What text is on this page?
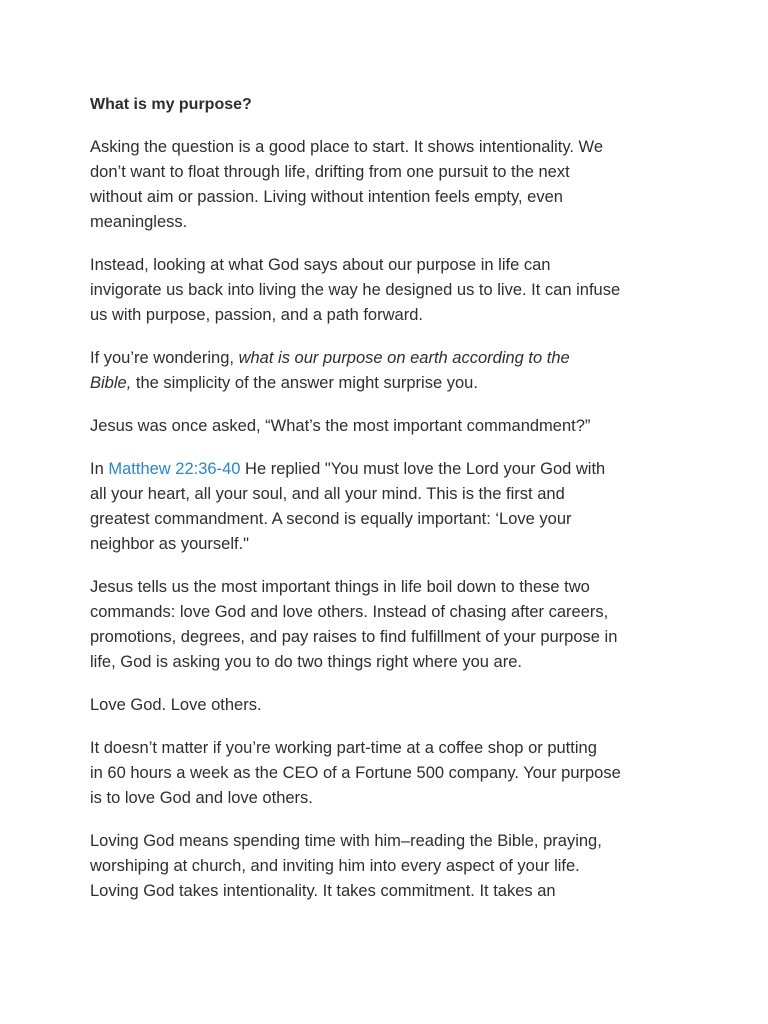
What is my purpose?
Asking the question is a good place to start. It shows intentionality. We
don’t want to float through life, drifting from one pursuit to the next
without aim or passion. Living without intention feels empty, even
meaningless.
Instead, looking at what God says about our purpose in life can
invigorate us back into living the way he designed us to live. It can infuse
us with purpose, passion, and a path forward.
If you’re wondering, what is our purpose on earth according to the
Bible, the simplicity of the answer might surprise you.
Jesus was once asked, “What’s the most important commandment?”
In Matthew 22:36-40 He replied "You must love the Lord your God with
all your heart, all your soul, and all your mind. This is the first and
greatest commandment. A second is equally important: ‘Love your
neighbor as yourself."
Jesus tells us the most important things in life boil down to these two
commands: love God and love others. Instead of chasing after careers,
promotions, degrees, and pay raises to find fulfillment of your purpose in
life, God is asking you to do two things right where you are.
Love God. Love others.
It doesn’t matter if you’re working part-time at a coffee shop or putting
in 60 hours a week as the CEO of a Fortune 500 company. Your purpose
is to love God and love others.
Loving God means spending time with him–reading the Bible, praying,
worshiping at church, and inviting him into every aspect of your life.
Loving God takes intentionality. It takes commitment. It takes an
